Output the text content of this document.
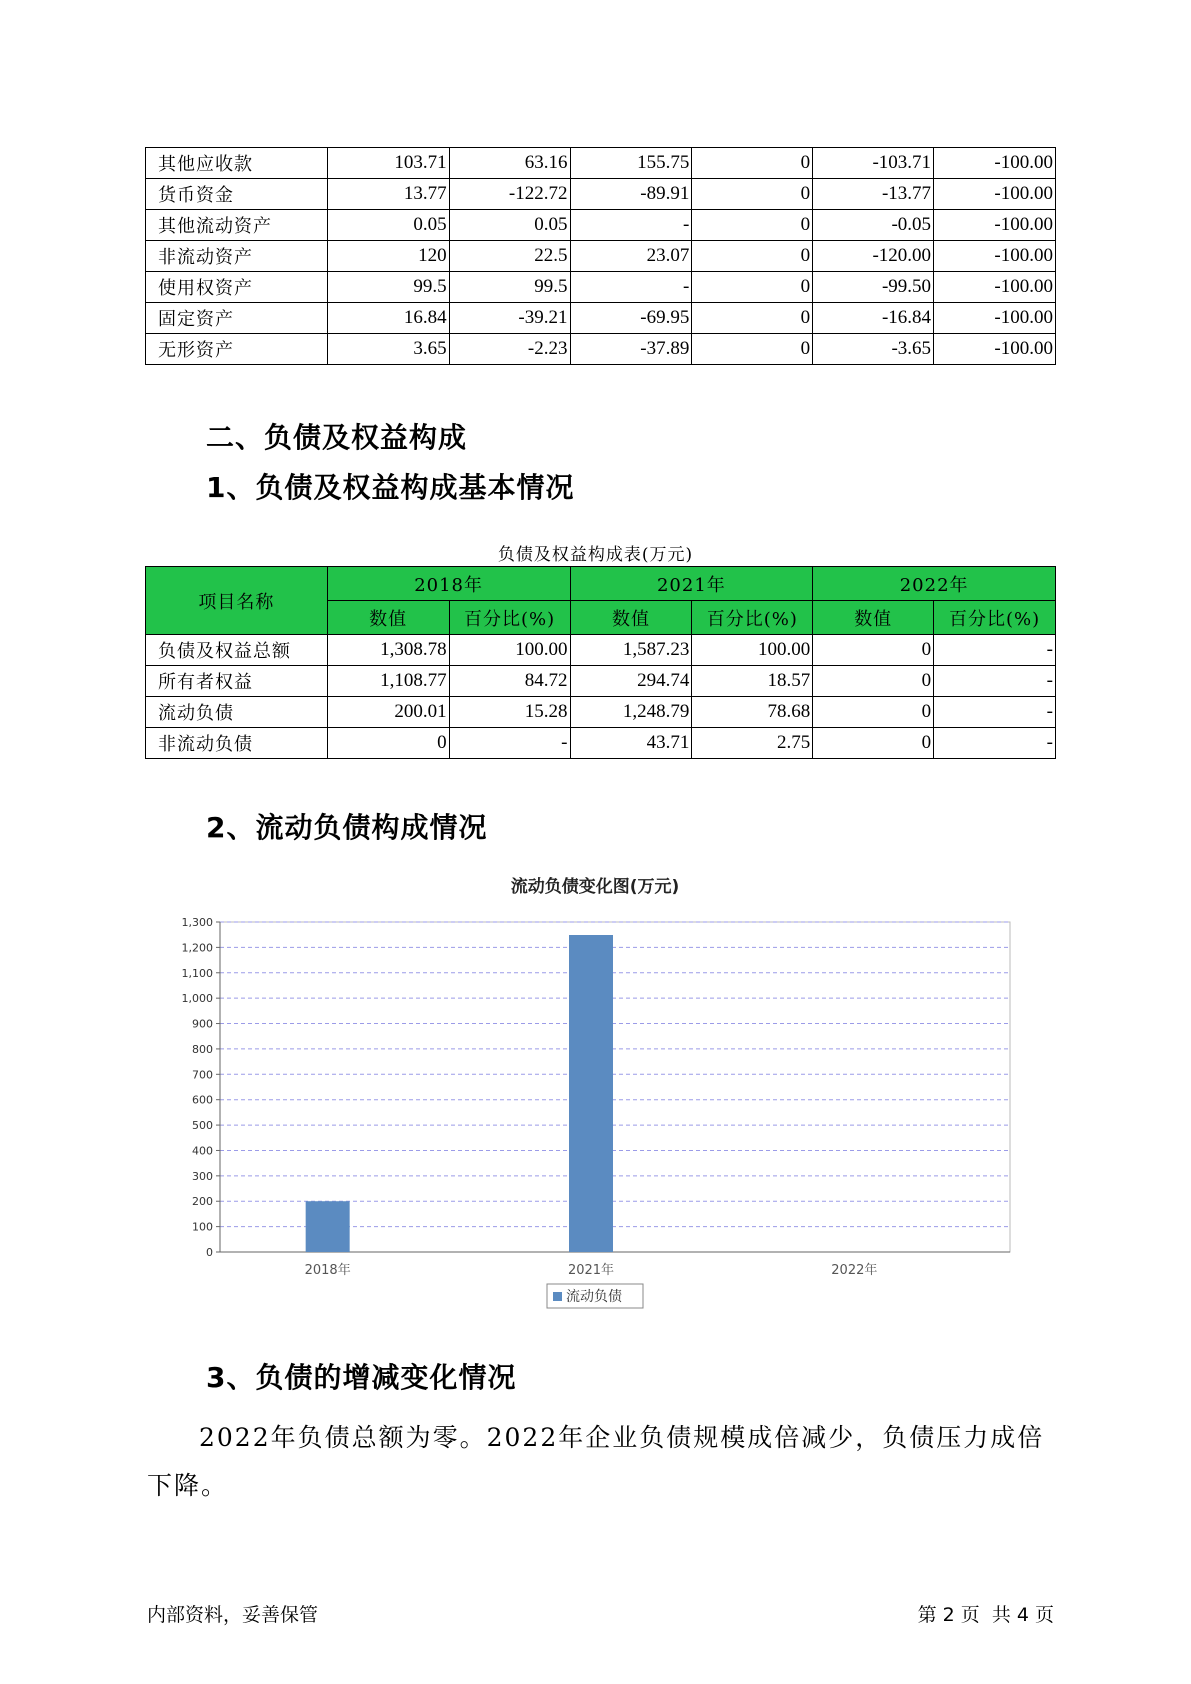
其他应收款	103.71	63.16	155.75	0	-103.71	-100.00
货币资金	13.77	-122.72	-89.91	0	-13.77	-100.00
其他流动资产	0.05	0.05	-	0	-0.05	-100.00
非流动资产	120	22.5	23.07	0	-120.00	-100.00
使用权资产	99.5	99.5	-	0	-99.50	-100.00
固定资产	16.84	-39.21	-69.95	0	-16.84	-100.00
无形资产	3.65	-2.23	-37.89	0	-3.65	-100.00
二、负债及权益构成
1、负债及权益构成基本情况
负债及权益构成表(万元)
项目名称	2018年		2021年		2022年	
	数值	百分比(%)	数值	百分比(%)	数值	百分比(%)
负债及权益总额	1,308.78	100.00	1,587.23	100.00	0	-
所有者权益	1,108.77	84.72	294.74	18.57	0	-
流动负债	200.01	15.28	1,248.79	78.68	0	-
非流动负债	0	-	43.71	2.75	0	-
2、流动负债构成情况
流动负债变化图(万元)
0
100
200
300
400
500
600
700
800
900
1,000
1,100
1,200
1,300
2018年	2021年	2022年
流动负债
3、负债的增减变化情况
2022年负债总额为零。2022年企业负债规模成倍减少，负债压力成倍下降。
内部资料，妥善保管	第 2 页  共 4 页
